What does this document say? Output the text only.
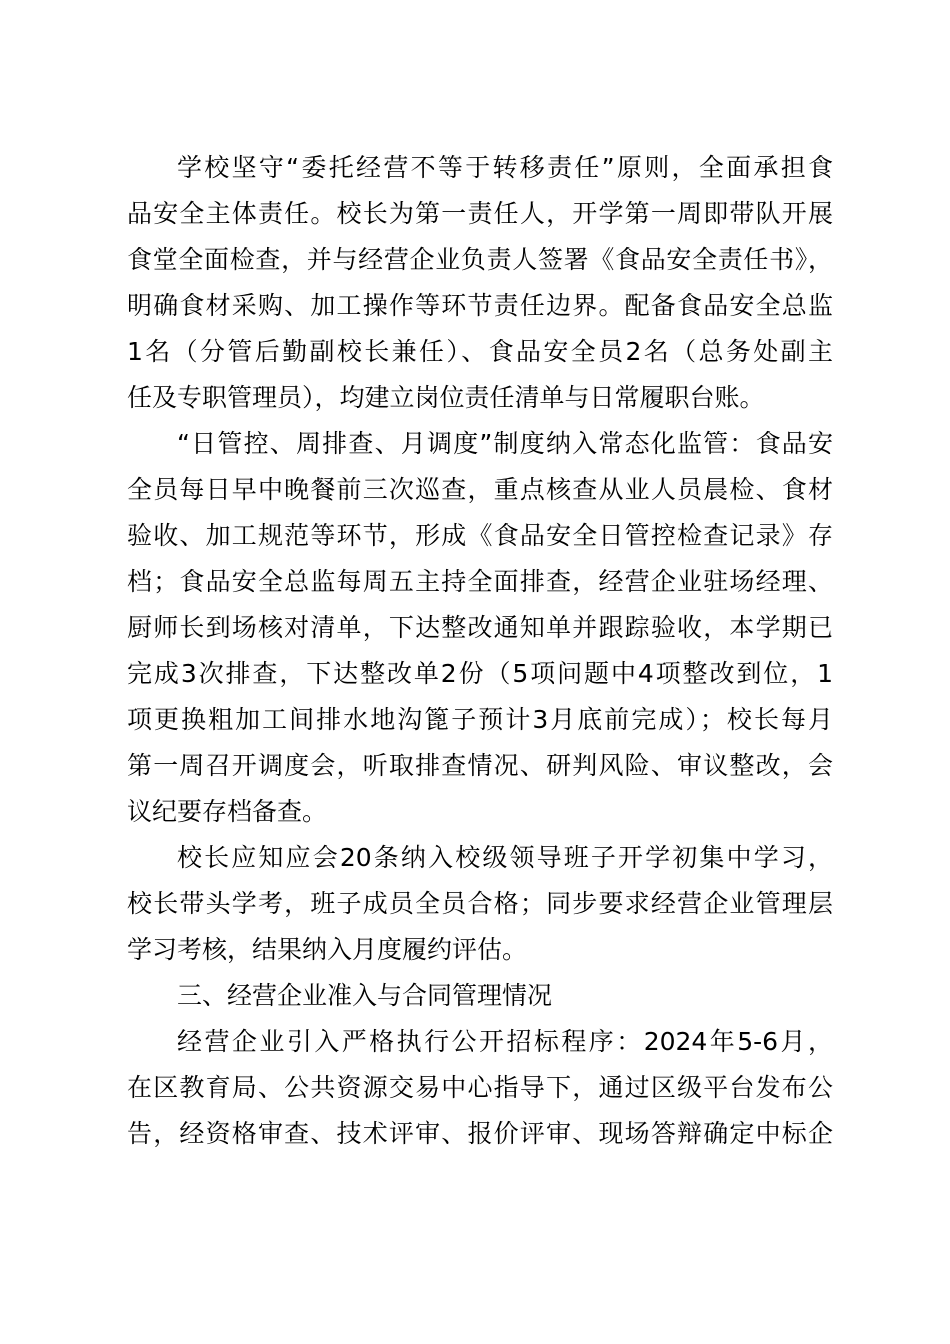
学校坚守“委托经营不等于转移责任”原则，全面承担食
品安全主体责任。校长为第一责任人，开学第一周即带队开展
食堂全面检查，并与经营企业负责人签署《食品安全责任书》，
明确食材采购、加工操作等环节责任边界。配备食品安全总监
1名（分管后勤副校长兼任）、食品安全员2名（总务处副主
任及专职管理员），均建立岗位责任清单与日常履职台账。
“日管控、周排查、月调度”制度纳入常态化监管：食品安
全员每日早中晚餐前三次巡查，重点核查从业人员晨检、食材
验收、加工规范等环节，形成《食品安全日管控检查记录》存
档；食品安全总监每周五主持全面排查，经营企业驻场经理、
厨师长到场核对清单，下达整改通知单并跟踪验收，本学期已
完成3次排查，下达整改单2份（5项问题中4项整改到位，1
项更换粗加工间排水地沟篦子预计3月底前完成）；校长每月
第一周召开调度会，听取排查情况、研判风险、审议整改，会
议纪要存档备查。
校长应知应会20条纳入校级领导班子开学初集中学习，
校长带头学考，班子成员全员合格；同步要求经营企业管理层
学习考核，结果纳入月度履约评估。
三、经营企业准入与合同管理情况
经营企业引入严格执行公开招标程序：2024年5-6月，
在区教育局、公共资源交易中心指导下，通过区级平台发布公
告，经资格审查、技术评审、报价评审、现场答辩确定中标企
